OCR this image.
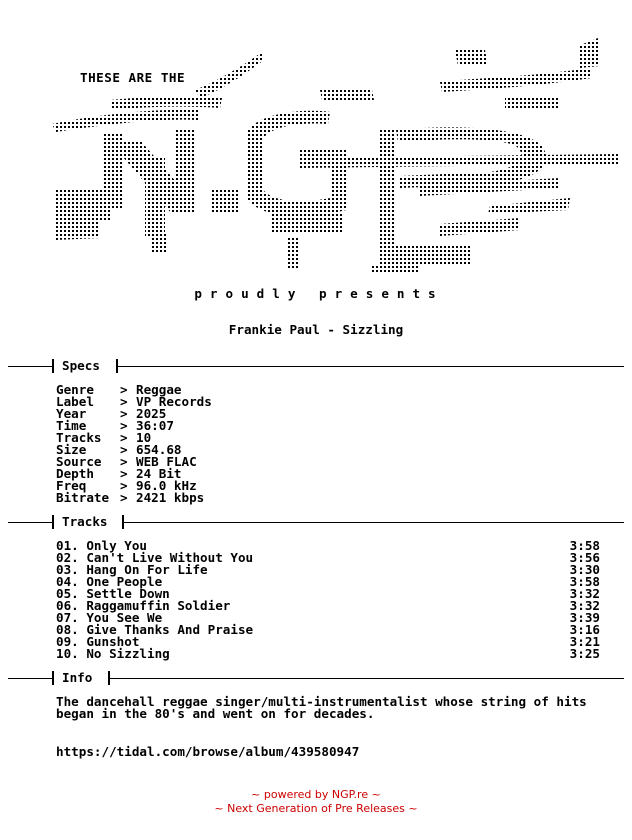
THESE ARE THE
proudly presents
Frankie Paul - Sizzling
Specs
Genre	> Reggae
Label	> VP Records
Year	> 2025
Time	> 36:07
Tracks	> 10
Size	> 654.68
Source	> WEB FLAC
Depth	> 24 Bit
Freq	> 96.0 kHz
Bitrate > 2421 kbps
Tracks
01. Only You	3:58
02. Can't Live Without You	3:56
03. Hang On For Life	3:30
04. One People	3:58
05. Settle Down	3:32
06. Raggamuffin Soldier	3:32
07. You See We	3:39
08. Give Thanks And Praise	3:16
09. Gunshot	3:21
10. No Sizzling	3:25
Info
The dancehall reggae singer/multi-instrumentalist whose string of hits began in the 80's and went on for decades.
https://tidal.com/browse/album/439580947
~ powered by NGP.re ~
~ Next Generation of Pre Releases ~
